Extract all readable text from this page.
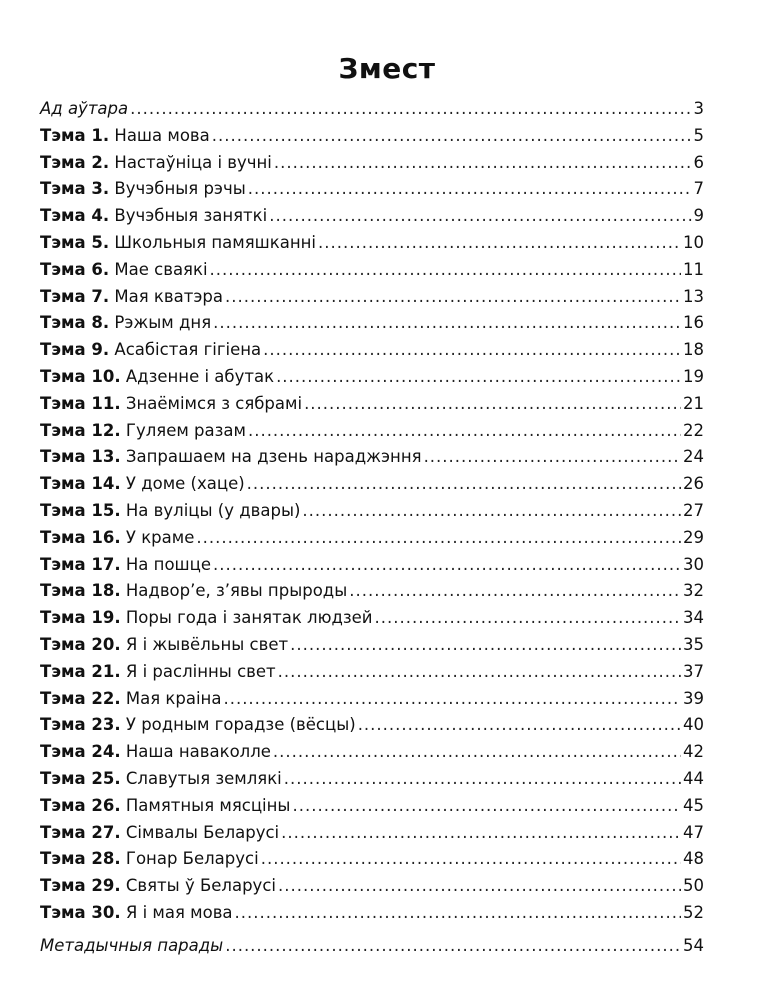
Змест
Ад аўтара .....	3
Тэма 1. Наша мова .....	5
Тэма 2. Настаўніца і вучні .....	6
Тэма 3. Вучэбныя рэчы .....	7
Тэма 4. Вучэбныя заняткі .....	9
Тэма 5. Школьныя памяшканні .....	10
Тэма 6. Мае сваякі .....	11
Тэма 7. Мая кватэра .....	13
Тэма 8. Рэжым дня .....	16
Тэма 9. Асабістая гігіена .....	18
Тэма 10. Адзенне і абутак .....	19
Тэма 11. Знаёмімся з сябрамі .....	21
Тэма 12. Гуляем разам .....	22
Тэма 13. Запрашаем на дзень нараджэння .....	24
Тэма 14. У доме (хаце) .....	26
Тэма 15. На вуліцы (у двары) .....	27
Тэма 16. У краме .....	29
Тэма 17. На пошце .....	30
Тэма 18. Надвор’е, з’явы прыроды .....	32
Тэма 19. Поры года і занятак людзей .....	34
Тэма 20. Я і жывёльны свет .....	35
Тэма 21. Я і раслінны свет .....	37
Тэма 22. Мая краіна .....	39
Тэма 23. У родным горадзе (вёсцы) .....	40
Тэма 24. Наша наваколле .....	42
Тэма 25. Славутыя землякі .....	44
Тэма 26. Памятныя мясціны .....	45
Тэма 27. Сімвалы Беларусі .....	47
Тэма 28. Гонар Беларусі .....	48
Тэма 29. Святы ў Беларусі .....	50
Тэма 30. Я і мая мова .....	52
Метадычныя парады .....	54
